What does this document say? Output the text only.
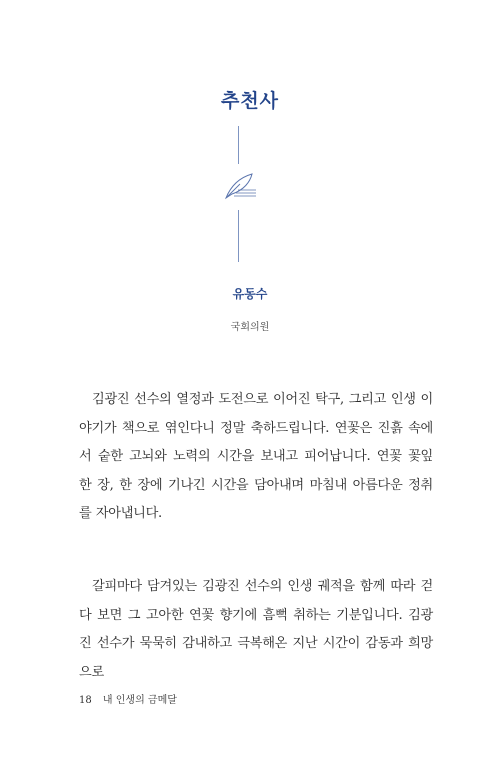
추천사
유동수
국회의원

김광진 선수의 열정과 도전으로 이어진 탁구, 그리고 인생 이야기가 책으로 엮인다니 정말 축하드립니다. 연꽃은 진흙 속에서 숱한 고뇌와 노력의 시간을 보내고 피어납니다. 연꽃 꽃잎 한 장, 한 장에 기나긴 시간을 담아내며 마침내 아름다운 정취를 자아냅니다.

갈피마다 담겨있는 김광진 선수의 인생 궤적을 함께 따라 걷다 보면 그 고아한 연꽃 향기에 흠뻑 취하는 기분입니다. 김광진 선수가 묵묵히 감내하고 극복해온 지난 시간이 감동과 희망으로

18 내 인생의 금메달
